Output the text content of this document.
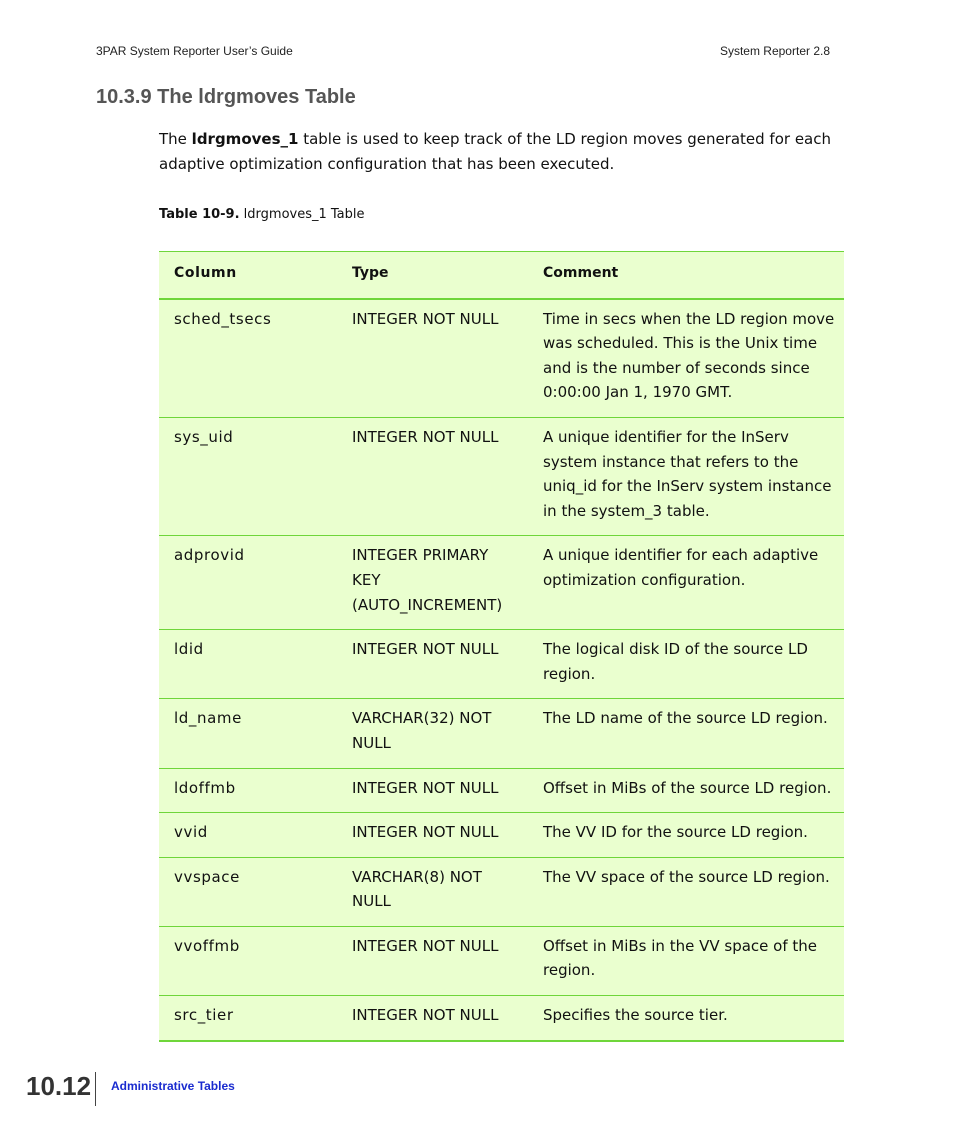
3PAR System Reporter User’s Guide	System Reporter 2.8
10.3.9 The ldrgmoves Table

The ldrgmoves_1 table is used to keep track of the LD region moves generated for each adaptive optimization configuration that has been executed.

Table 10-9. ldrgmoves_1 Table
Column	Type	Comment
sched_tsecs	INTEGER NOT NULL	Time in secs when the LD region move was scheduled. This is the Unix time and is the number of seconds since 0:00:00 Jan 1, 1970 GMT.
sys_uid	INTEGER NOT NULL	A unique identifier for the InServ system instance that refers to the uniq_id for the InServ system instance in the system_3 table.
adprovid	INTEGER PRIMARY KEY (AUTO_INCREMENT)	A unique identifier for each adaptive optimization configuration.
ldid	INTEGER NOT NULL	The logical disk ID of the source LD region.
ld_name	VARCHAR(32) NOT NULL	The LD name of the source LD region.
ldoffmb	INTEGER NOT NULL	Offset in MiBs of the source LD region.
vvid	INTEGER NOT NULL	The VV ID for the source LD region.
vvspace	VARCHAR(8) NOT NULL	The VV space of the source LD region.
vvoffmb	INTEGER NOT NULL	Offset in MiBs in the VV space of the region.
src_tier	INTEGER NOT NULL	Specifies the source tier.
10.12 Administrative Tables
